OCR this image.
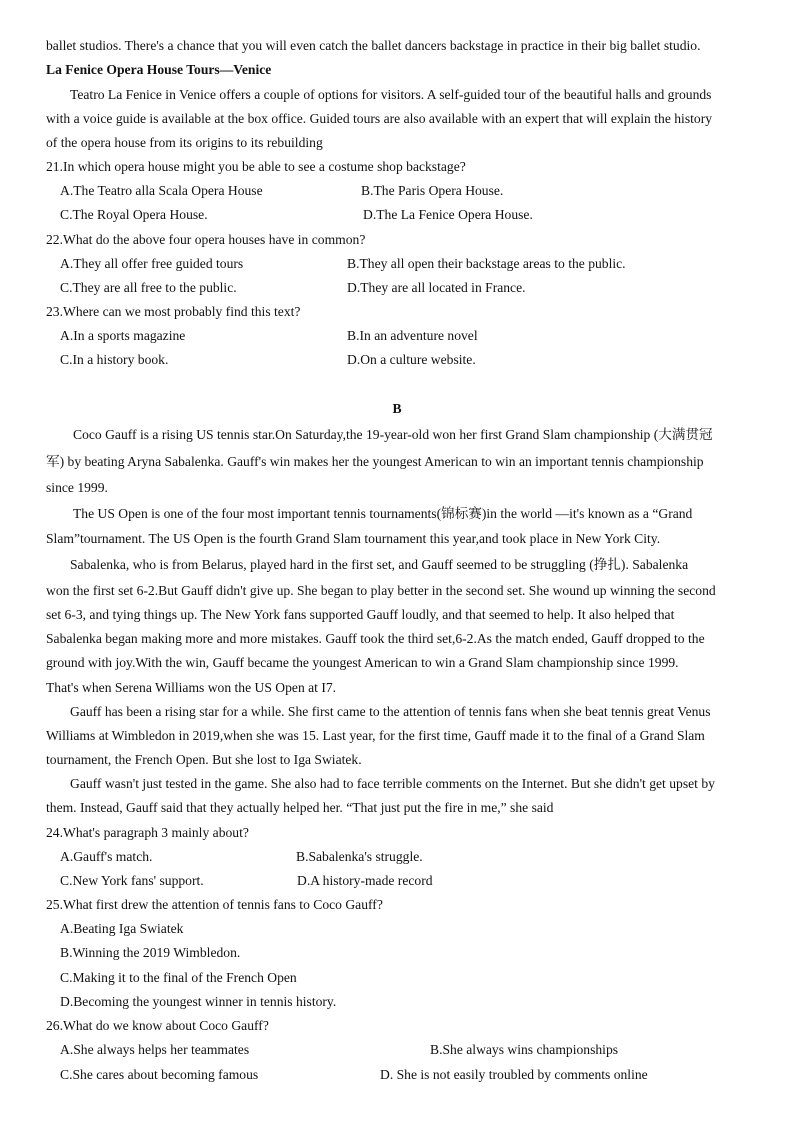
ballet studios. There's a chance that you will even catch the ballet dancers backstage in practice in their big ballet studio.
La Fenice Opera House Tours—Venice
Teatro La Fenice in Venice offers a couple of options for visitors. A self-guided tour of the beautiful halls and grounds
with a voice guide is available at the box office. Guided tours are also available with an expert that will explain the history
of the opera house from its origins to its rebuilding
21.In which opera house might you be able to see a costume shop backstage?
A.The Teatro alla Scala Opera House	B.The Paris Opera House.
C.The Royal Opera House.	D.The La Fenice Opera House.
22.What do the above four opera houses have in common?
A.They all offer free guided tours	B.They all open their backstage areas to the public.
C.They are all free to the public.	D.They are all located in France.
23.Where can we most probably find this text?
A.In a sports magazine	B.In an adventure novel
C.In a history book.	D.On a culture website.
B
Coco Gauff is a rising US tennis star.On Saturday,the 19-year-old won her first Grand Slam championship (大满贯冠
军) by beating Aryna Sabalenka. Gauff's win makes her the youngest American to win an important tennis championship
since 1999.
The US Open is one of the four most important tennis tournaments(锦标赛)in the world —it's known as a “Grand
Slam”tournament. The US Open is the fourth Grand Slam tournament this year,and took place in New York City.
Sabalenka, who is from Belarus, played hard in the first set, and Gauff seemed to be struggling (挣扎). Sabalenka
won the first set 6-2.But Gauff didn't give up. She began to play better in the second set. She wound up winning the second
set 6-3, and tying things up. The New York fans supported Gauff loudly, and that seemed to help. It also helped that
Sabalenka began making more and more mistakes. Gauff took the third set,6-2.As the match ended, Gauff dropped to the
ground with joy.With the win, Gauff became the youngest American to win a Grand Slam championship since 1999.
That's when Serena Williams won the US Open at I7.
Gauff has been a rising star for a while. She first came to the attention of tennis fans when she beat tennis great Venus
Williams at Wimbledon in 2019,when she was 15. Last year, for the first time, Gauff made it to the final of a Grand Slam
tournament, the French Open. But she lost to Iga Swiatek.
Gauff wasn't just tested in the game. She also had to face terrible comments on the Internet. But she didn't get upset by
them. Instead, Gauff said that they actually helped her. “That just put the fire in me,” she said
24.What's paragraph 3 mainly about?
A.Gauff's match.	B.Sabalenka's struggle.
C.New York fans' support.	D.A history-made record
25.What first drew the attention of tennis fans to Coco Gauff?
A.Beating Iga Swiatek
B.Winning the 2019 Wimbledon.
C.Making it to the final of the French Open
D.Becoming the youngest winner in tennis history.
26.What do we know about Coco Gauff?
A.She always helps her teammates	B.She always wins championships
C.She cares about becoming famous	D. She is not easily troubled by comments online
